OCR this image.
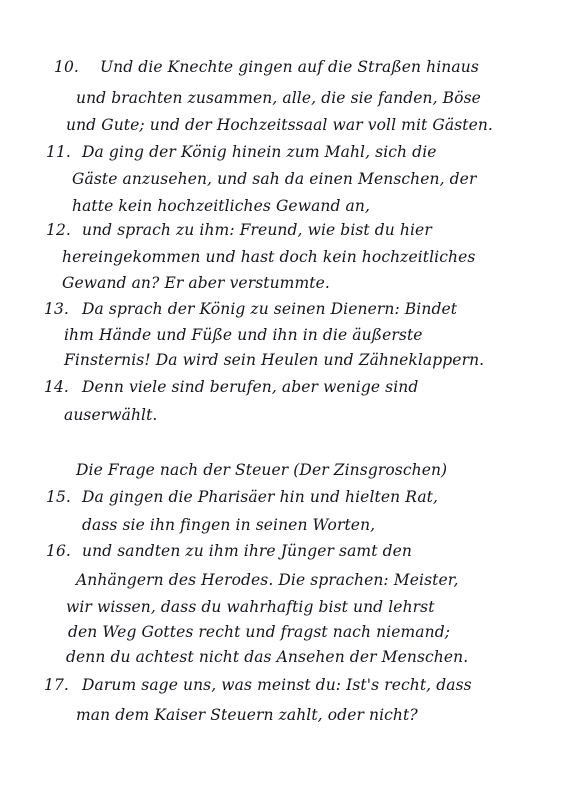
10. Und die Knechte gingen auf die Straßen hinaus
und brachten zusammen, alle, die sie fanden, Böse
und Gute; und der Hochzeitssaal war voll mit Gästen.
11. Da ging der König hinein zum Mahl, sich die
Gäste anzusehen, und sah da einen Menschen, der
hatte kein hochzeitliches Gewand an,
12. und sprach zu ihm: Freund, wie bist du hier
hereingekommen und hast doch kein hochzeitliches
Gewand an? Er aber verstummte.
13. Da sprach der König zu seinen Dienern: Bindet
ihm Hände und Füße und ihn in die äußerste
Finsternis! Da wird sein Heulen und Zähneklappern.
14. Denn viele sind berufen, aber wenige sind
auserwählt.
Die Frage nach der Steuer (Der Zinsgroschen)
15. Da gingen die Pharisäer hin und hielten Rat,
dass sie ihn fingen in seinen Worten,
16. und sandten zu ihm ihre Jünger samt den
Anhängern des Herodes. Die sprachen: Meister,
wir wissen, dass du wahrhaftig bist und lehrst
den Weg Gottes recht und fragst nach niemand;
denn du achtest nicht das Ansehen der Menschen.
17. Darum sage uns, was meinst du: Ist's recht, dass
man dem Kaiser Steuern zahlt, oder nicht?
